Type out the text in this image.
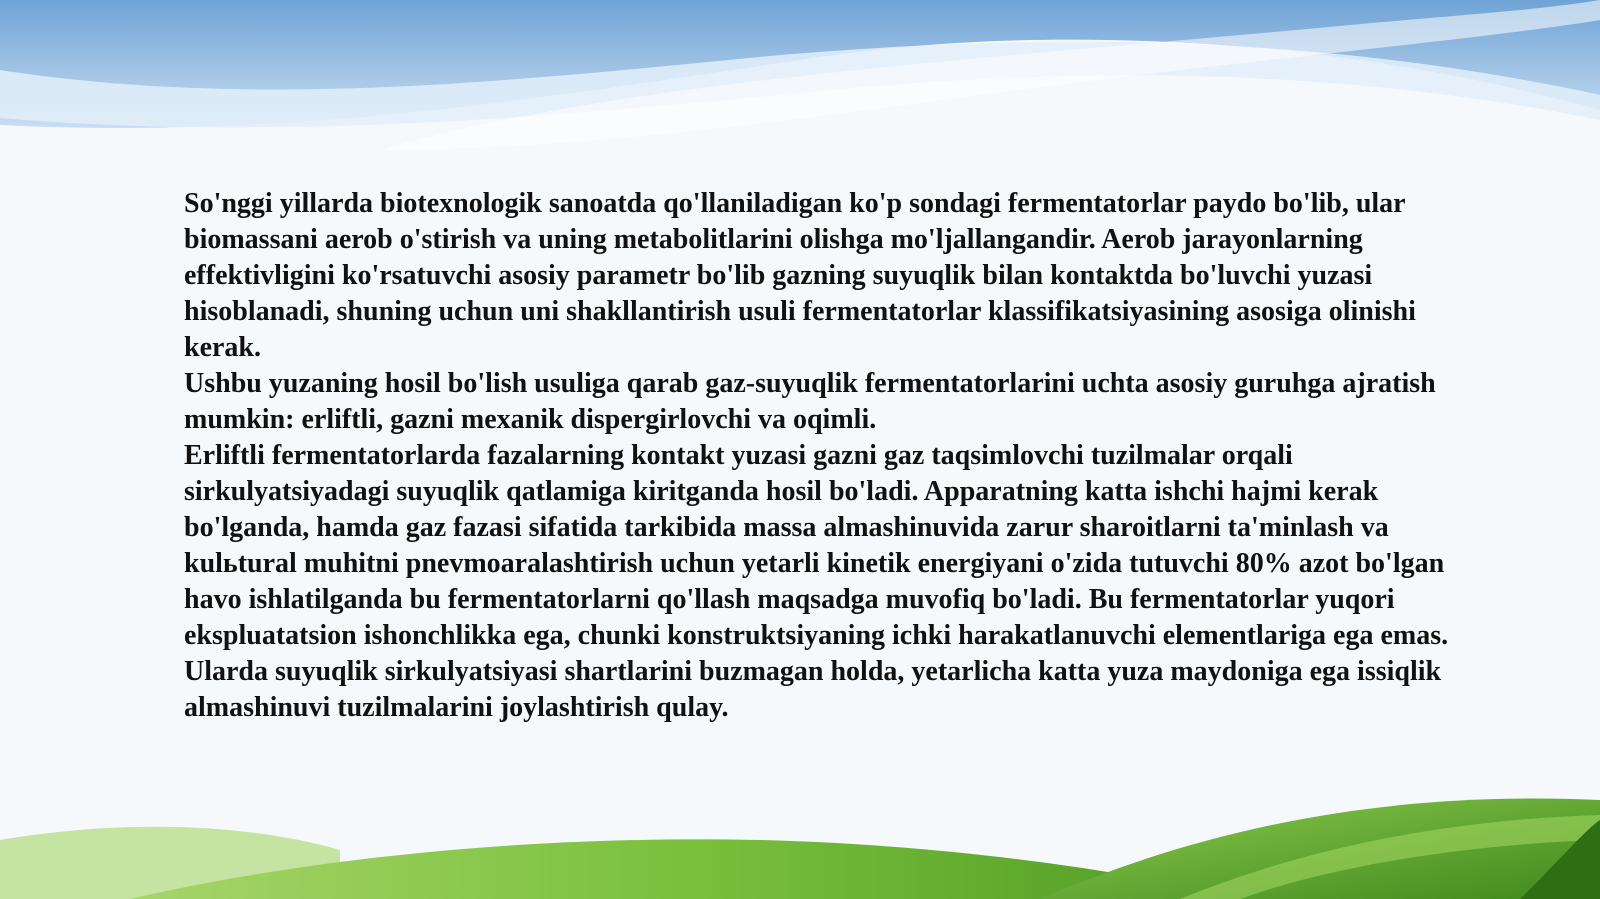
So'nggi yillarda biotexnologik sanoatda qo'llaniladigan ko'p sondagi fermentatorlar paydo bo'lib, ular biomassani aerob o'stirish va uning metabolitlarini olishga mo'ljallangandir. Aerob jarayonlarning effektivligini ko'rsatuvchi asosiy parametr bo'lib gazning suyuqlik bilan kontaktda bo'luvchi yuzasi hisoblanadi, shuning uchun uni shakllantirish usuli fermentatorlar klassifikatsiyasining asosiga olinishi kerak.

Ushbu yuzaning hosil bo'lish usuliga qarab gaz-suyuqlik fermentatorlarini uchta asosiy guruhga ajratish mumkin: erliftli, gazni mexanik dispergirlovchi va oqimli.

Erliftli fermentatorlarda fazalarning kontakt yuzasi gazni gaz taqsimlovchi tuzilmalar orqali sirkulyatsiyadagi suyuqlik qatlamiga kiritganda hosil bo'ladi. Apparatning katta ishchi hajmi kerak bo'lganda, hamda gaz fazasi sifatida tarkibida massa almashinuvida zarur sharoitlarni ta'minlash va kulьtural muhitni pnevmoaralashtirish uchun yetarli kinetik energiyani o'zida tutuvchi 80% azot bo'lgan havo ishlatilganda bu fermentatorlarni qo'llash maqsadga muvofiq bo'ladi. Bu fermentatorlar yuqori ekspluatatsion ishonchlikka ega, chunki konstruktsiyaning ichki harakatlanuvchi elementlariga ega emas. Ularda suyuqlik sirkulyatsiyasi shartlarini buzmagan holda, yetarlicha katta yuza maydoniga ega issiqlik almashinuvi tuzilmalarini joylashtirish qulay.
